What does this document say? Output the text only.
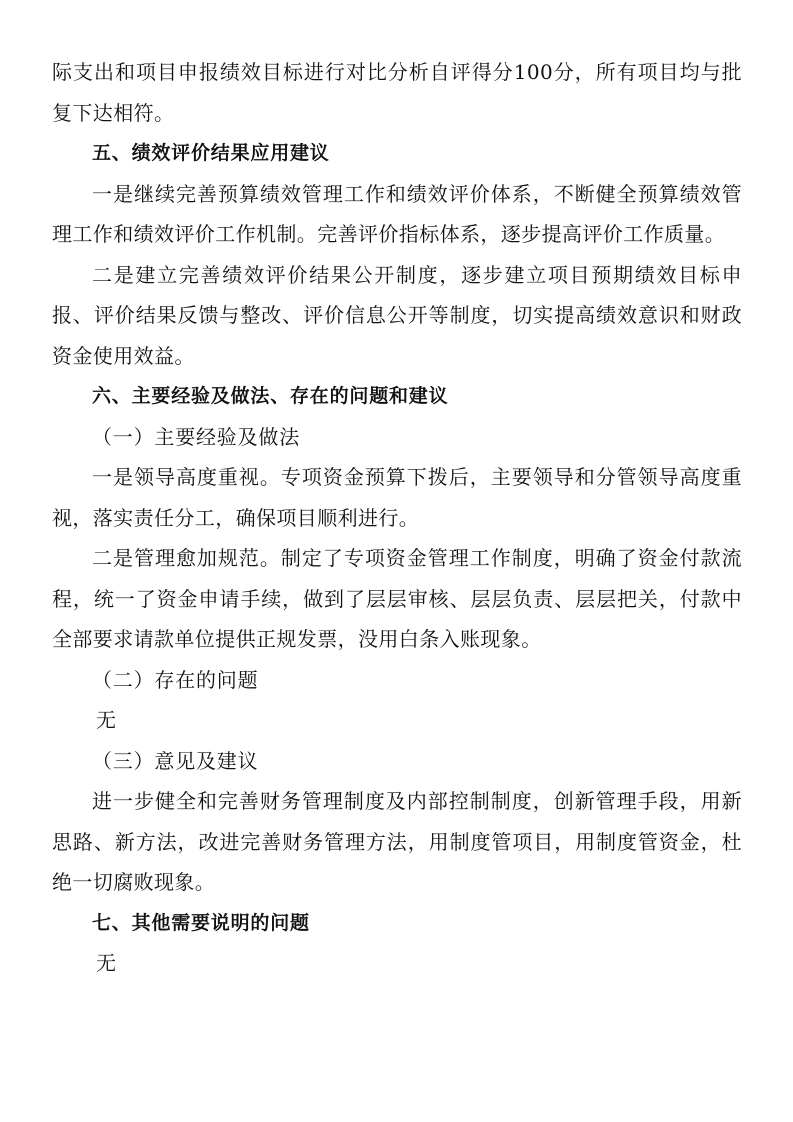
际支出和项目申报绩效目标进行对比分析自评得分100分，所有项目均与批复下达相符。

五、绩效评价结果应用建议

一是继续完善预算绩效管理工作和绩效评价体系，不断健全预算绩效管理工作和绩效评价工作机制。完善评价指标体系，逐步提高评价工作质量。

二是建立完善绩效评价结果公开制度，逐步建立项目预期绩效目标申报、评价结果反馈与整改、评价信息公开等制度，切实提高绩效意识和财政资金使用效益。

六、主要经验及做法、存在的问题和建议

（一）主要经验及做法

一是领导高度重视。专项资金预算下拨后，主要领导和分管领导高度重视，落实责任分工，确保项目顺利进行。

二是管理愈加规范。制定了专项资金管理工作制度，明确了资金付款流程，统一了资金申请手续，做到了层层审核、层层负责、层层把关，付款中全部要求请款单位提供正规发票，没用白条入账现象。

（二）存在的问题

无

（三）意见及建议

进一步健全和完善财务管理制度及内部控制制度，创新管理手段，用新思路、新方法，改进完善财务管理方法，用制度管项目，用制度管资金，杜绝一切腐败现象。

七、其他需要说明的问题

无
